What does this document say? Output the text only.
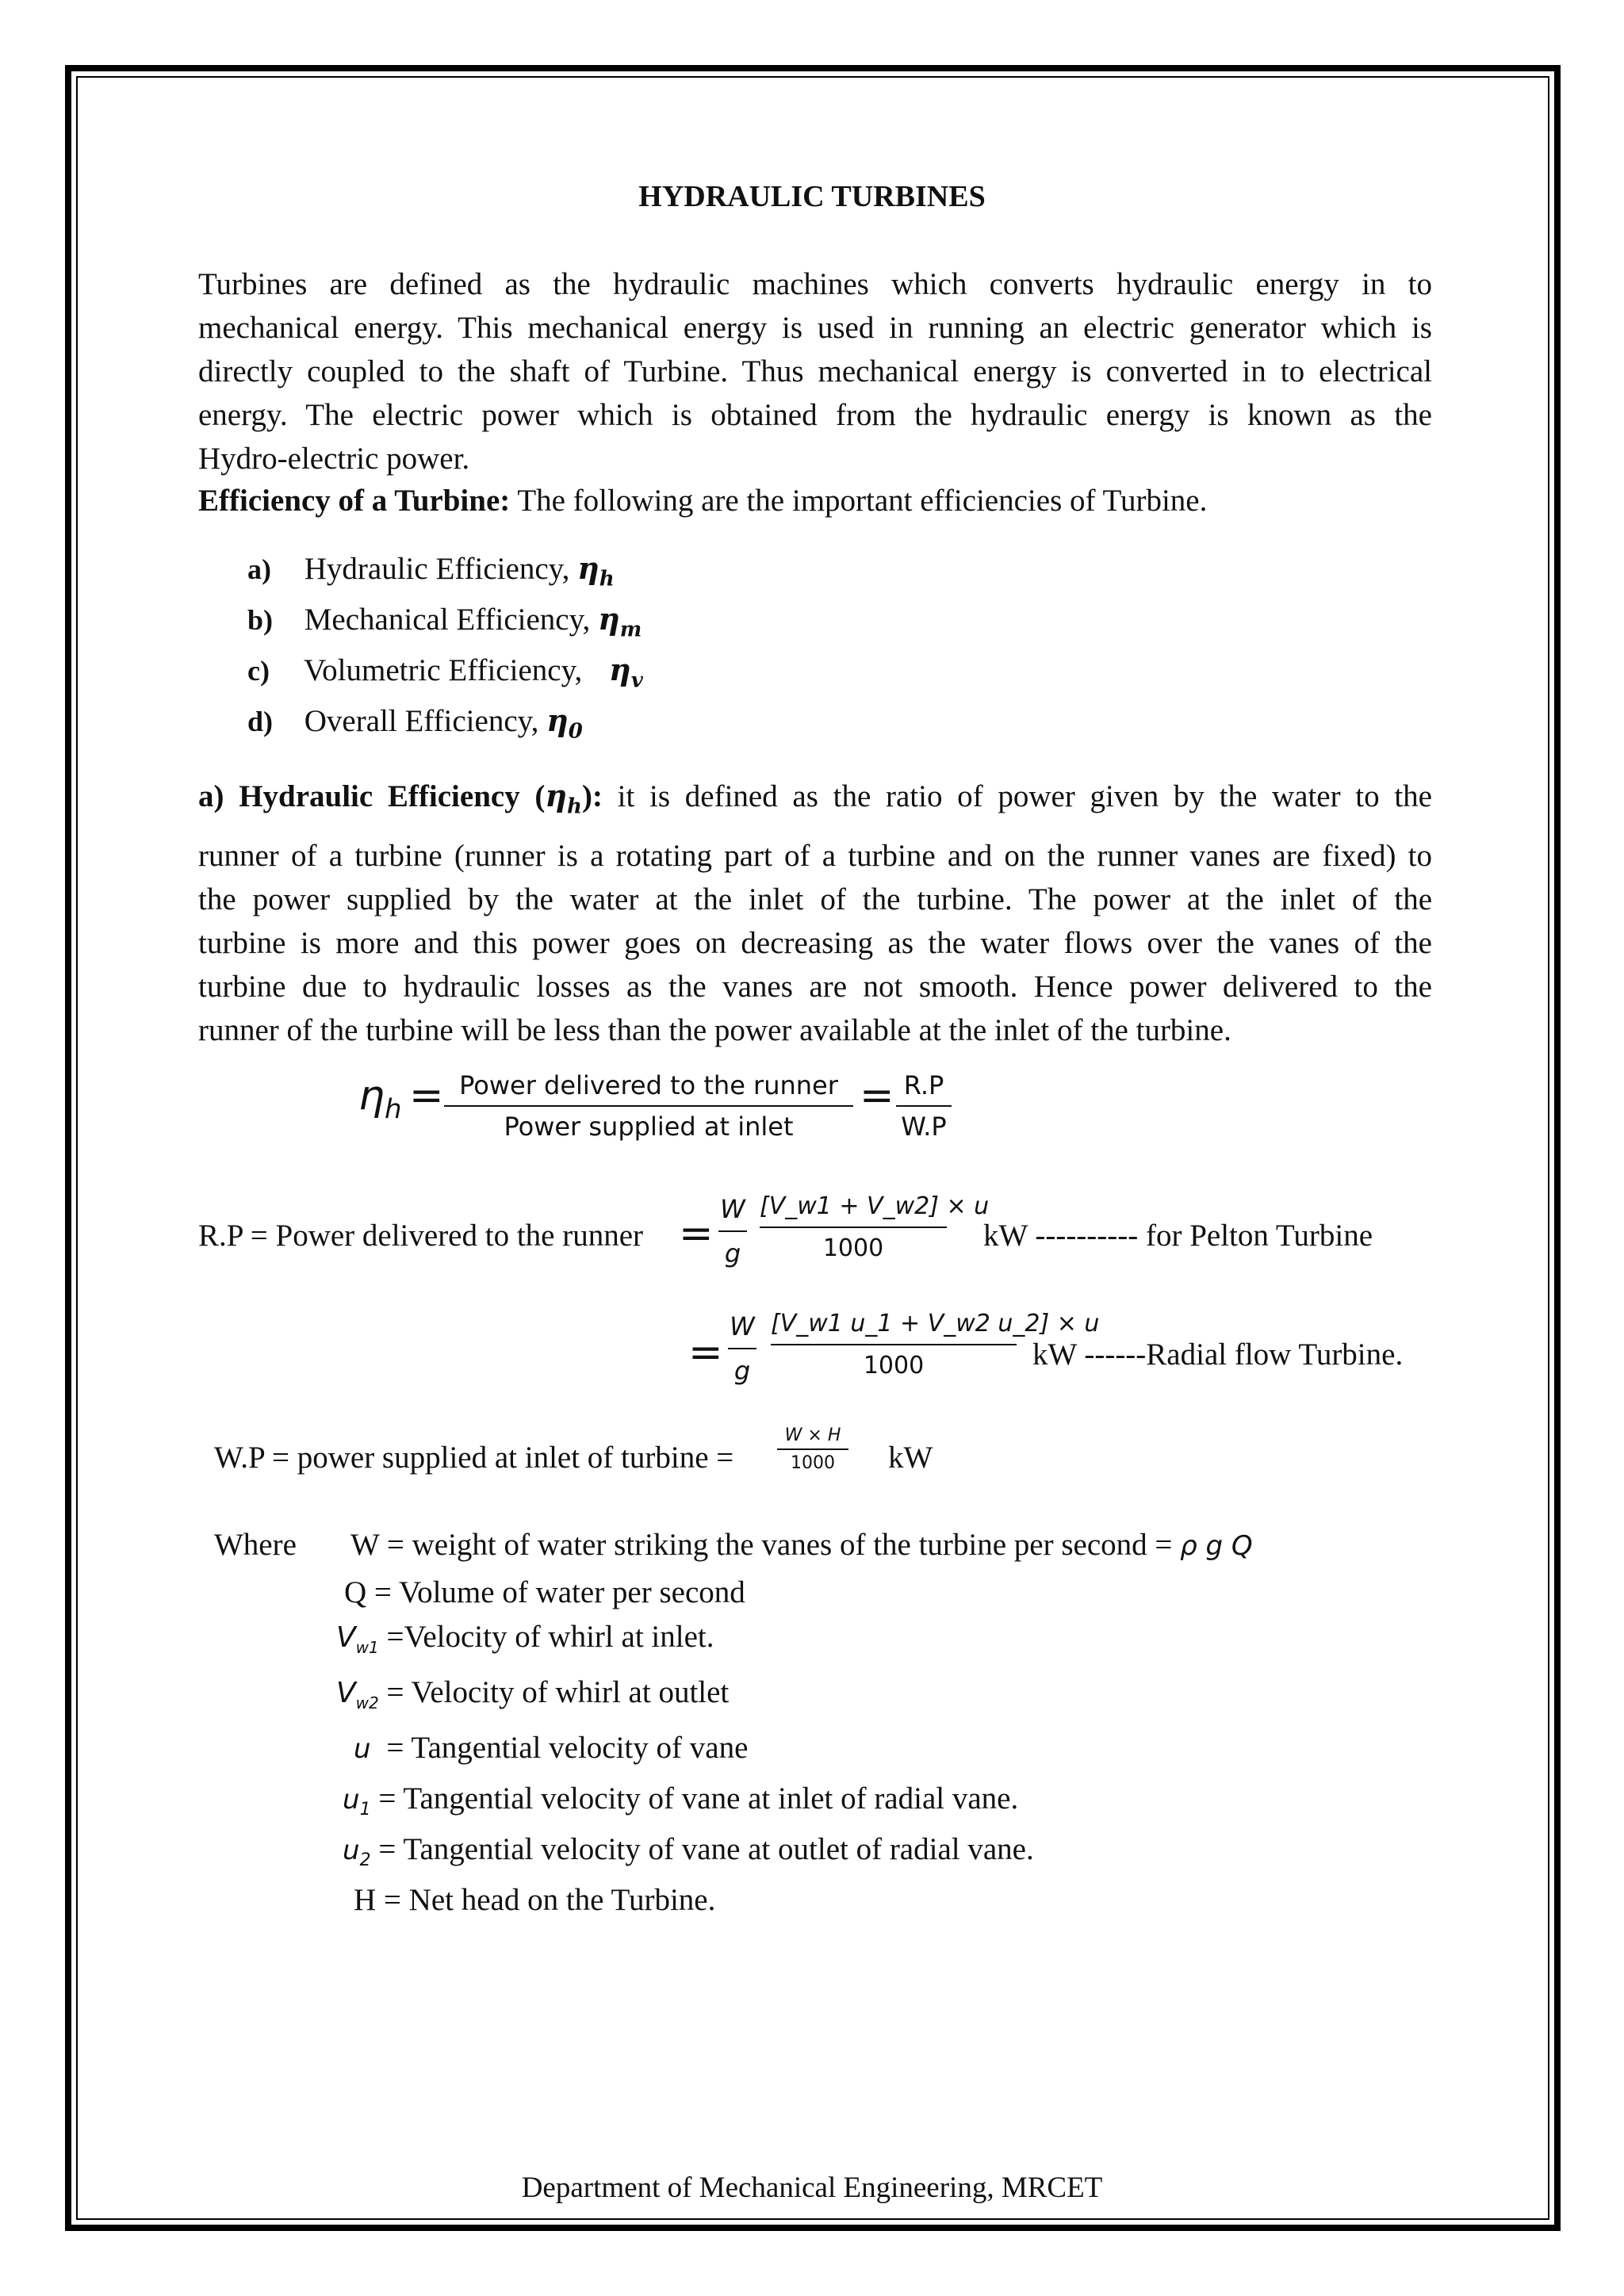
HYDRAULIC TURBINES
Turbines are defined as the hydraulic machines which converts hydraulic energy in to
mechanical energy. This mechanical energy is used in running an electric generator which is
directly coupled to the shaft of Turbine. Thus mechanical energy is converted in to electrical
energy. The electric power which is obtained from the hydraulic energy is known as the
Hydro-electric power.
Efficiency of a Turbine: The following are the important efficiencies of Turbine.
a) Hydraulic Efficiency, $\eta_h$
b) Mechanical Efficiency, $\eta_m$
c) Volumetric Efficiency, $\eta_v$
d) Overall Efficiency, $\eta_0$
a) Hydraulic Efficiency $(\eta_h)$: it is defined as the ratio of power given by the water to the
runner of a turbine (runner is a rotating part of a turbine and on the runner vanes are fixed) to
the power supplied by the water at the inlet of the turbine. The power at the inlet of the
turbine is more and this power goes on decreasing as the water flows over the vanes of the
turbine due to hydraulic losses as the vanes are not smooth. Hence power delivered to the
runner of the turbine will be less than the power available at the inlet of the turbine.
$\eta_h$ = Power delivered to the runner
Power supplied at inlet
= R.P
W.P
R.P = Power delivered to the runner =
W
g
[V_w1 + V_w2] × u
1000	kW ---------- for Pelton Turbine
=
W
g
[V_w1 u_1 + V_w2 u_2] × u
1000	kW ------Radial flow Turbine.
W.P = power supplied at inlet of turbine =
W × H
1000	kW
Where W = weight of water striking the vanes of the turbine per second = ρ g Q
Q = Volume of water per second
$V_{w1}$ =Velocity of whirl at inlet.
$V_{w2}$ = Velocity of whirl at outlet
u = Tangential velocity of vane
$u_1$ = Tangential velocity of vane at inlet of radial vane.
$u_2$ = Tangential velocity of vane at outlet of radial vane.
H = Net head on the Turbine.
Department of Mechanical Engineering, MRCET
